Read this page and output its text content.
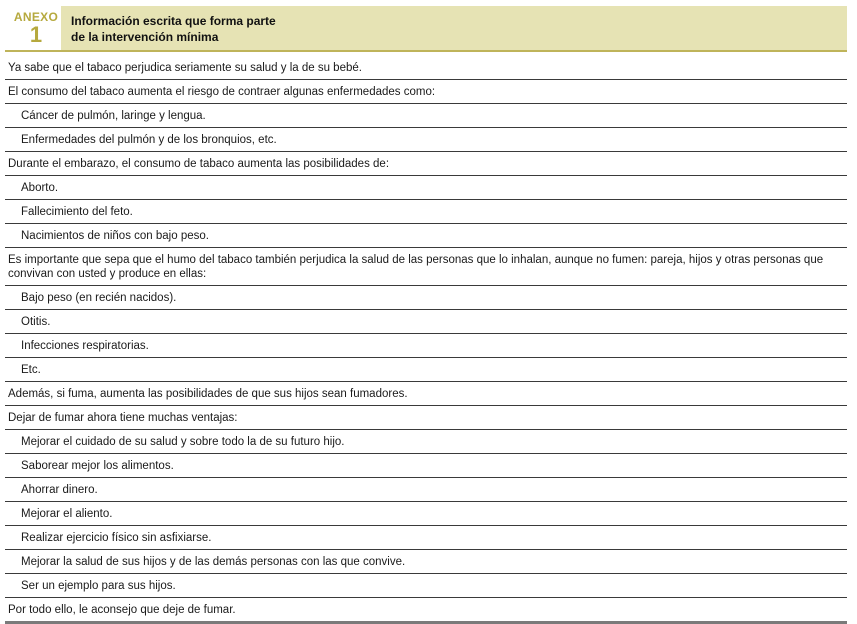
ANEXO
1
Información escrita que forma parte
de la intervención mínima
Ya sabe que el tabaco perjudica seriamente su salud y la de su bebé.
El consumo del tabaco aumenta el riesgo de contraer algunas enfermedades como:
Cáncer de pulmón, laringe y lengua.
Enfermedades del pulmón y de los bronquios, etc.
Durante el embarazo, el consumo de tabaco aumenta las posibilidades de:
Aborto.
Fallecimiento del feto.
Nacimientos de niños con bajo peso.
Es importante que sepa que el humo del tabaco también perjudica la salud de las personas que lo inhalan, aunque no fumen: pareja, hijos y otras personas que convivan con usted y produce en ellas:
Bajo peso (en recién nacidos).
Otitis.
Infecciones respiratorias.
Etc.
Además, si fuma, aumenta las posibilidades de que sus hijos sean fumadores.
Dejar de fumar ahora tiene muchas ventajas:
Mejorar el cuidado de su salud y sobre todo la de su futuro hijo.
Saborear mejor los alimentos.
Ahorrar dinero.
Mejorar el aliento.
Realizar ejercicio físico sin asfixiarse.
Mejorar la salud de sus hijos y de las demás personas con las que convive.
Ser un ejemplo para sus hijos.
Por todo ello, le aconsejo que deje de fumar.
